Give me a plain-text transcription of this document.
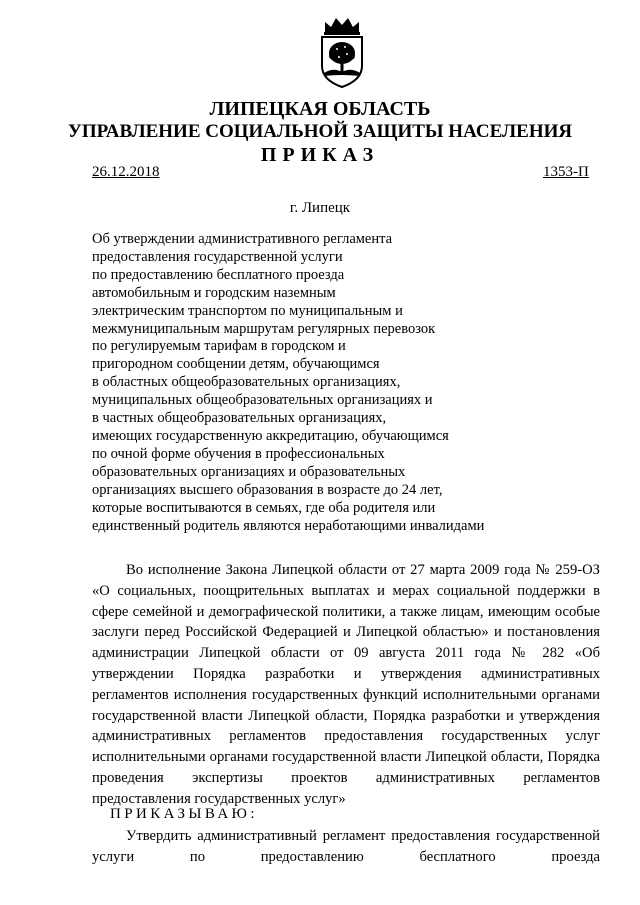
ЛИПЕЦКАЯ ОБЛАСТЬ
УПРАВЛЕНИЕ СОЦИАЛЬНОЙ ЗАЩИТЫ НАСЕЛЕНИЯ
ПРИКАЗ
26.12.2018	1353-П
г. Липецк
Об утверждении административного регламента
предоставления государственной услуги
по предоставлению бесплатного проезда
автомобильным и городским наземным
электрическим транспортом по муниципальным и
межмуниципальным маршрутам регулярных перевозок
по регулируемым тарифам в городском и
пригородном сообщении детям, обучающимся
в областных общеобразовательных организациях,
муниципальных общеобразовательных организациях и
в частных общеобразовательных организациях,
имеющих государственную аккредитацию, обучающимся
по очной форме обучения в профессиональных
образовательных организациях и образовательных
организациях высшего образования в возрасте до 24 лет,
которые воспитываются в семьях, где оба родителя или
единственный родитель являются неработающими инвалидами

Во исполнение Закона Липецкой области от 27 марта 2009 года № 259-ОЗ «О социальных, поощрительных выплатах и мерах социальной поддержки в сфере семейной и демографической политики, а также лицам, имеющим особые заслуги перед Российской Федерацией и Липецкой областью» и постановления администрации Липецкой области от 09 августа 2011 года № 282 «Об утверждении Порядка разработки и утверждения административных регламентов исполнения государственных функций исполнительными органами государственной власти Липецкой области, Порядка разработки и утверждения административных регламентов предоставления государственных услуг исполнительными органами государственной власти Липецкой области, Порядка проведения экспертизы проектов административных регламентов предоставления государственных услуг»

ПРИКАЗЫВАЮ:

Утвердить административный регламент предоставления государственной услуги по предоставлению бесплатного проезда
